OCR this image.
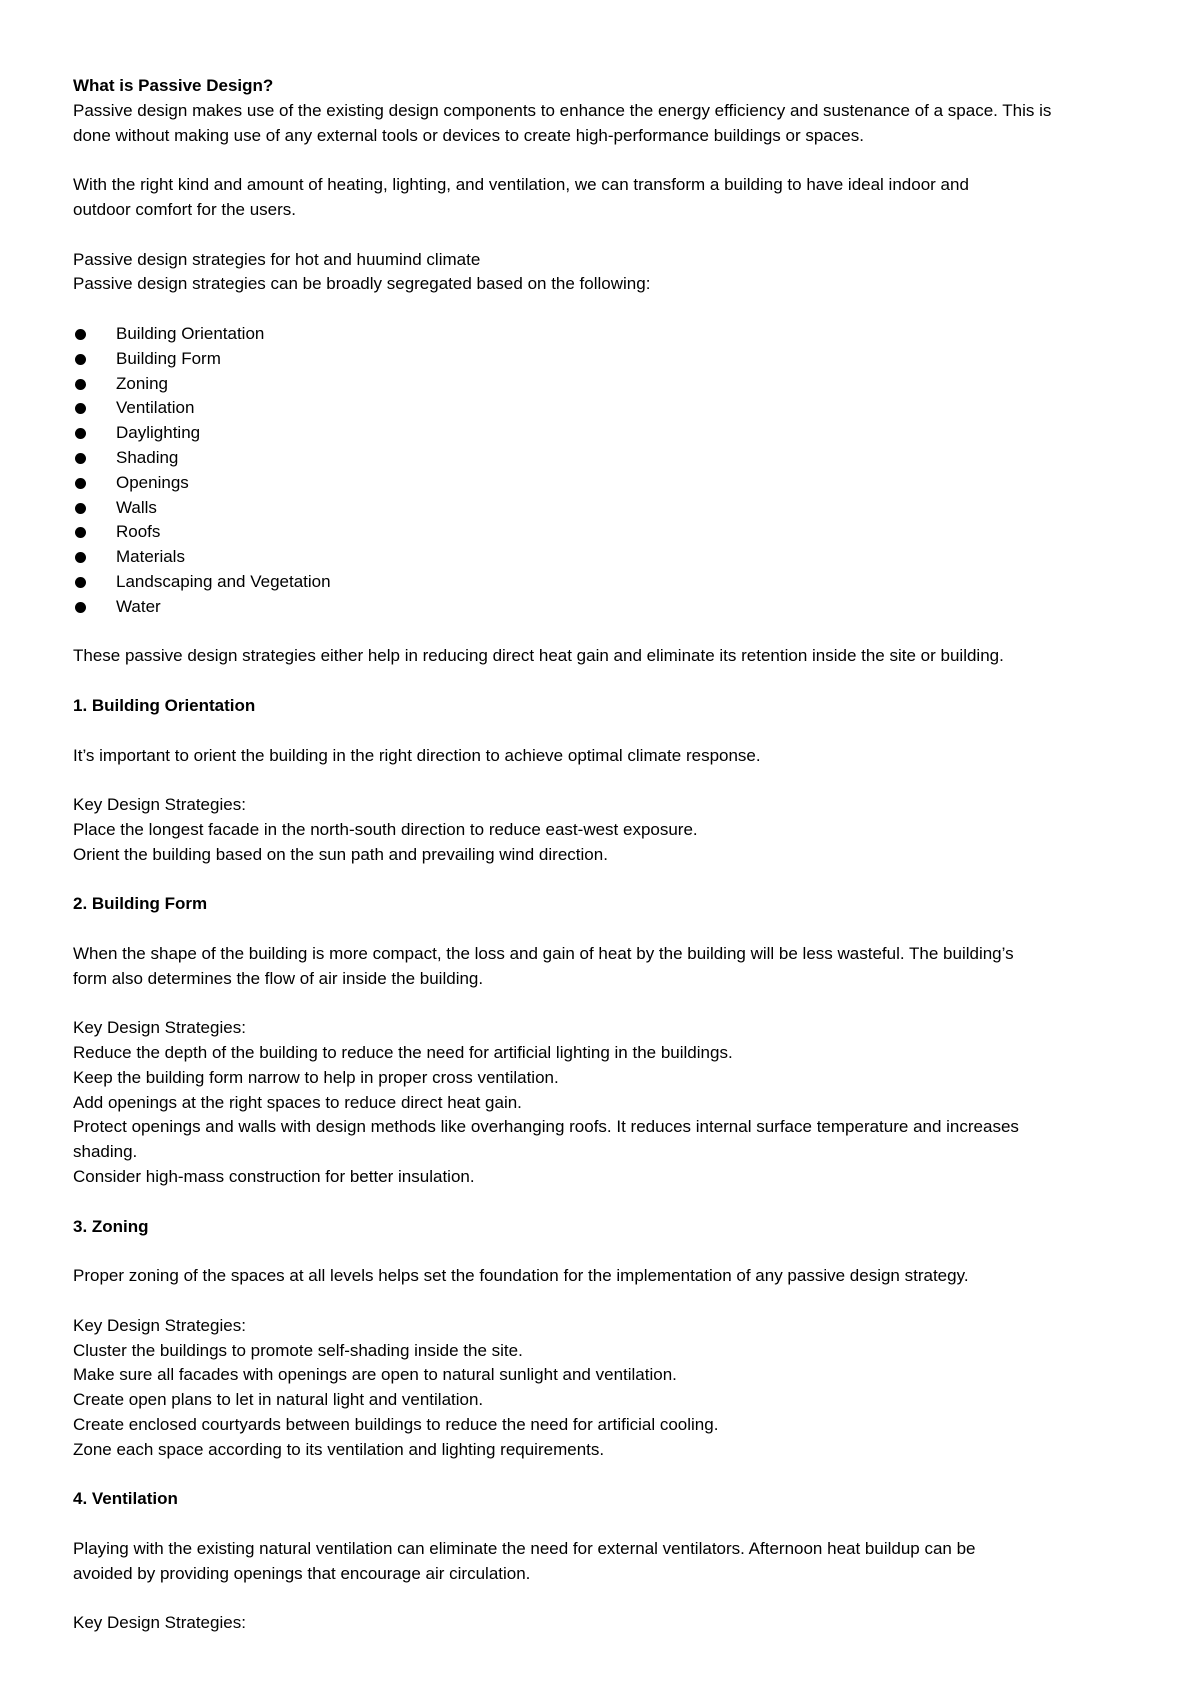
What is Passive Design?

Passive design makes use of the existing design components to enhance the energy efficiency and sustenance of a space. This is

done without making use of any external tools or devices to create high-performance buildings or spaces.

With the right kind and amount of heating, lighting, and ventilation, we can transform a building to have ideal indoor and

outdoor comfort for the users.

Passive design strategies for hot and huumind climate

Passive design strategies can be broadly segregated based on the following:

Building Orientation
Building Form
Zoning
Ventilation
Daylighting
Shading
Openings
Walls
Roofs
Materials
Landscaping and Vegetation
Water

These passive design strategies either help in reducing direct heat gain and eliminate its retention inside the site or building.

1. Building Orientation

It’s important to orient the building in the right direction to achieve optimal climate response.

Key Design Strategies:

Place the longest facade in the north-south direction to reduce east-west exposure.

Orient the building based on the sun path and prevailing wind direction.

2. Building Form

When the shape of the building is more compact, the loss and gain of heat by the building will be less wasteful. The building’s

form also determines the flow of air inside the building.

Key Design Strategies:

Reduce the depth of the building to reduce the need for artificial lighting in the buildings.

Keep the building form narrow to help in proper cross ventilation.

Add openings at the right spaces to reduce direct heat gain.

Protect openings and walls with design methods like overhanging roofs. It reduces internal surface temperature and increases

shading.

Consider high-mass construction for better insulation.

3. Zoning

Proper zoning of the spaces at all levels helps set the foundation for the implementation of any passive design strategy.

Key Design Strategies:

Cluster the buildings to promote self-shading inside the site.

Make sure all facades with openings are open to natural sunlight and ventilation.

Create open plans to let in natural light and ventilation.

Create enclosed courtyards between buildings to reduce the need for artificial cooling.

Zone each space according to its ventilation and lighting requirements.

4. Ventilation

Playing with the existing natural ventilation can eliminate the need for external ventilators. Afternoon heat buildup can be

avoided by providing openings that encourage air circulation.

Key Design Strategies:
